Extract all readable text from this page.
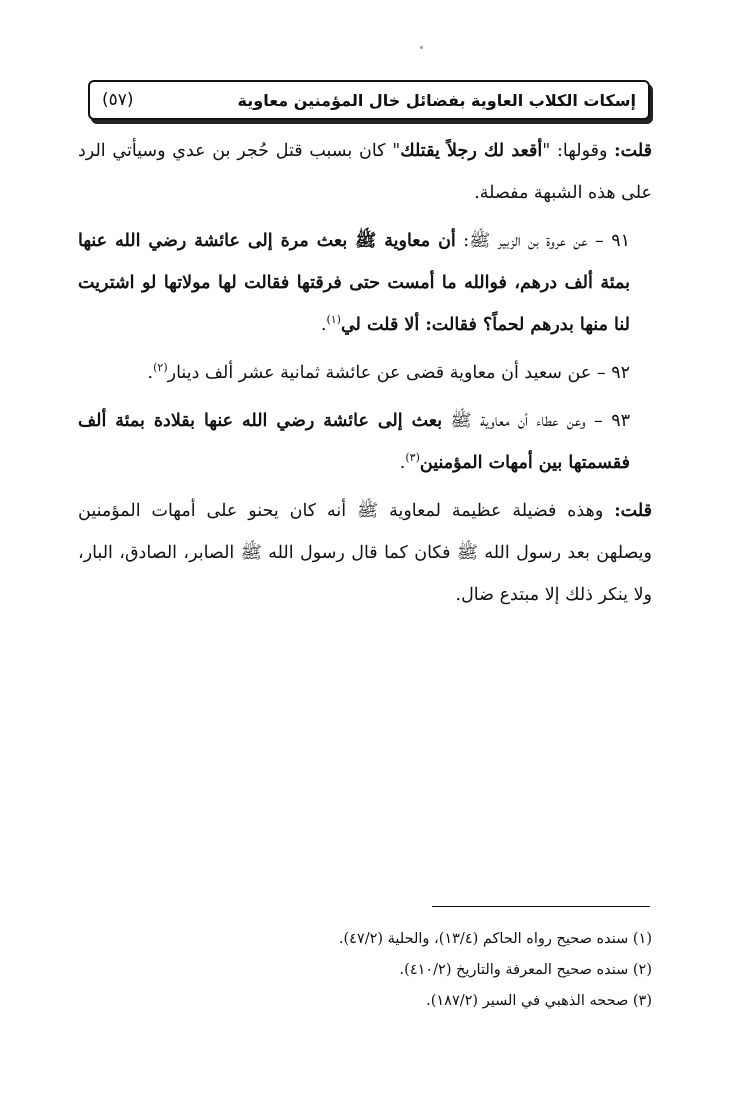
(٥٧)	إسكات الكلاب العاوية بفضائل خال المؤمنين معاوية

قلت: وقولها: "أقعد لك رجلاً يقتلك" كان بسبب قتل حُجر بن عدي وسيأتي الرد على هذه الشبهة مفصلة.

٩١ – عن عروة بن الزبير ﷺ: أن معاوية ﷺ بعث مرة إلى عائشة رضي الله عنها بمئة ألف درهم، فوالله ما أمست حتى فرقتها فقالت لها مولاتها لو اشتريت لنا منها بدرهم لحماً؟ فقالت: ألا قلت لي$^{(١)}$.

٩٢ – عن سعيد أن معاوية قضى عن عائشة ثمانية عشر ألف دينار$^{(٢)}$.

٩٣ – وعن عطاء أن معاوية ﷺ بعث إلى عائشة رضي الله عنها بقلادة بمئة ألف فقسمتها بين أمهات المؤمنين$^{(٣)}$.

قلت: وهذه فضيلة عظيمة لمعاوية ﷺ أنه كان يحنو على أمهات المؤمنين ويصلهن بعد رسول الله ﷺ فكان كما قال رسول الله ﷺ الصابر، الصادق، البار، ولا ينكر ذلك إلا مبتدع ضال.

(١) سنده صحيح رواه الحاكم (١٣/٤)، والحلية (٤٧/٢).

(٢) سنده صحيح المعرفة والتاريخ (٤١٠/٢).

(٣) صححه الذهبي في السير (١٨٧/٢).
